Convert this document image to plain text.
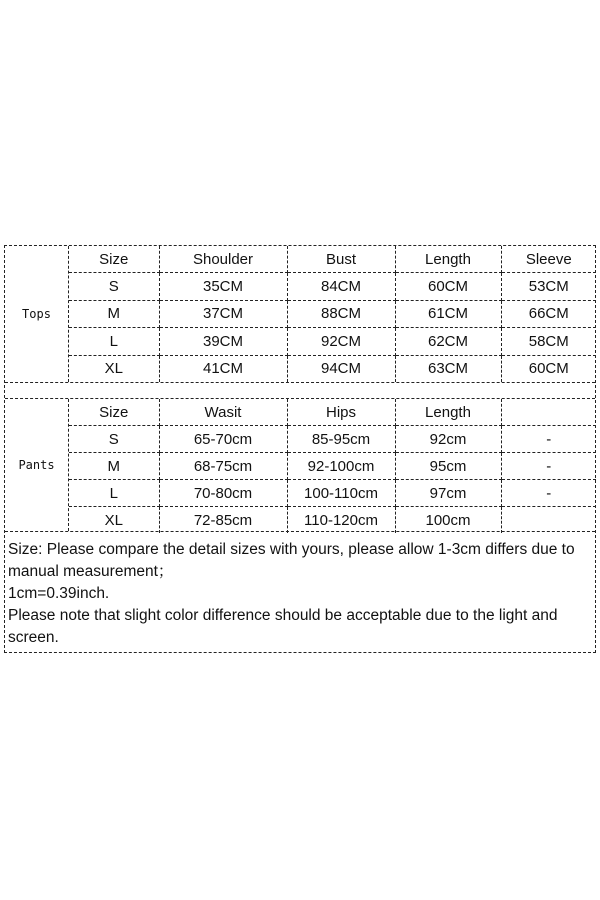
Tops
Size	Shoulder	Bust	Length	Sleeve
S	35CM	84CM	60CM	53CM
M	37CM	88CM	61CM	66CM
L	39CM	92CM	62CM	58CM
XL	41CM	94CM	63CM	60CM
Pants
Size	Wasit	Hips	Length	
S	65-70cm	85-95cm	92cm	-
M	68-75cm	92-100cm	95cm	-
L	70-80cm	100-110cm	97cm	-
XL	72-85cm	110-120cm	100cm	
Size: Please compare the detail sizes with yours, please allow 1-3cm differs due to manual measurement；
1cm=0.39inch.
Please note that slight color difference should be acceptable due to the light and screen.
